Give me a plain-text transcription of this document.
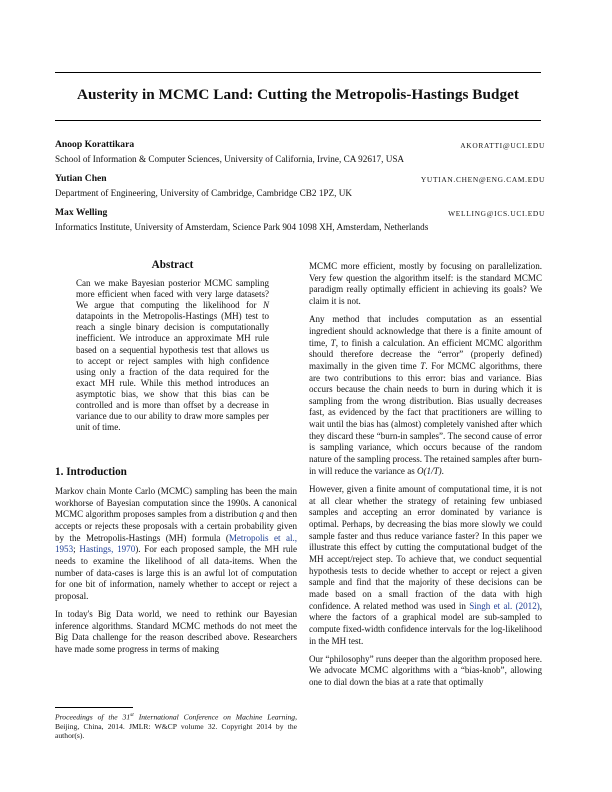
Austerity in MCMC Land: Cutting the Metropolis-Hastings Budget
Anoop Korattikara	AKORATTI@UCI.EDU
School of Information & Computer Sciences, University of California, Irvine, CA 92617, USA
Yutian Chen	YUTIAN.CHEN@ENG.CAM.EDU
Department of Engineering, University of Cambridge, Cambridge CB2 1PZ, UK
Max Welling	WELLING@ICS.UCI.EDU
Informatics Institute, University of Amsterdam, Science Park 904 1098 XH, Amsterdam, Netherlands
Abstract
Can we make Bayesian posterior MCMC sampling more efficient when faced with very large datasets? We argue that computing the likelihood for N datapoints in the Metropolis-Hastings (MH) test to reach a single binary decision is computationally inefficient. We introduce an approximate MH rule based on a sequential hypothesis test that allows us to accept or reject samples with high confidence using only a fraction of the data required for the exact MH rule. While this method introduces an asymptotic bias, we show that this bias can be controlled and is more than offset by a decrease in variance due to our ability to draw more samples per unit of time.
1. Introduction

Markov chain Monte Carlo (MCMC) sampling has been the main workhorse of Bayesian computation since the 1990s. A canonical MCMC algorithm proposes samples from a distribution q and then accepts or rejects these proposals with a certain probability given by the Metropolis-Hastings (MH) formula (Metropolis et al., 1953; Hastings, 1970). For each proposed sample, the MH rule needs to examine the likelihood of all data-items. When the number of data-cases is large this is an awful lot of computation for one bit of information, namely whether to accept or reject a proposal.

In today's Big Data world, we need to rethink our Bayesian inference algorithms. Standard MCMC methods do not meet the Big Data challenge for the reason described above. Researchers have made some progress in terms of making

Proceedings of the 31st International Conference on Machine Learning, Beijing, China, 2014. JMLR: W&CP volume 32. Copyright 2014 by the author(s).

MCMC more efficient, mostly by focusing on parallelization. Very few question the algorithm itself: is the standard MCMC paradigm really optimally efficient in achieving its goals? We claim it is not.

Any method that includes computation as an essential ingredient should acknowledge that there is a finite amount of time, T, to finish a calculation. An efficient MCMC algorithm should therefore decrease the “error” (properly defined) maximally in the given time T. For MCMC algorithms, there are two contributions to this error: bias and variance. Bias occurs because the chain needs to burn in during which it is sampling from the wrong distribution. Bias usually decreases fast, as evidenced by the fact that practitioners are willing to wait until the bias has (almost) completely vanished after which they discard these “burn-in samples”. The second cause of error is sampling variance, which occurs because of the random nature of the sampling process. The retained samples after burn-in will reduce the variance as O(1/T).

However, given a finite amount of computational time, it is not at all clear whether the strategy of retaining few unbiased samples and accepting an error dominated by variance is optimal. Perhaps, by decreasing the bias more slowly we could sample faster and thus reduce variance faster? In this paper we illustrate this effect by cutting the computational budget of the MH accept/reject step. To achieve that, we conduct sequential hypothesis tests to decide whether to accept or reject a given sample and find that the majority of these decisions can be made based on a small fraction of the data with high confidence. A related method was used in Singh et al. (2012), where the factors of a graphical model are sub-sampled to compute fixed-width confidence intervals for the log-likelihood in the MH test.

Our “philosophy” runs deeper than the algorithm proposed here. We advocate MCMC algorithms with a “bias-knob”, allowing one to dial down the bias at a rate that optimally
